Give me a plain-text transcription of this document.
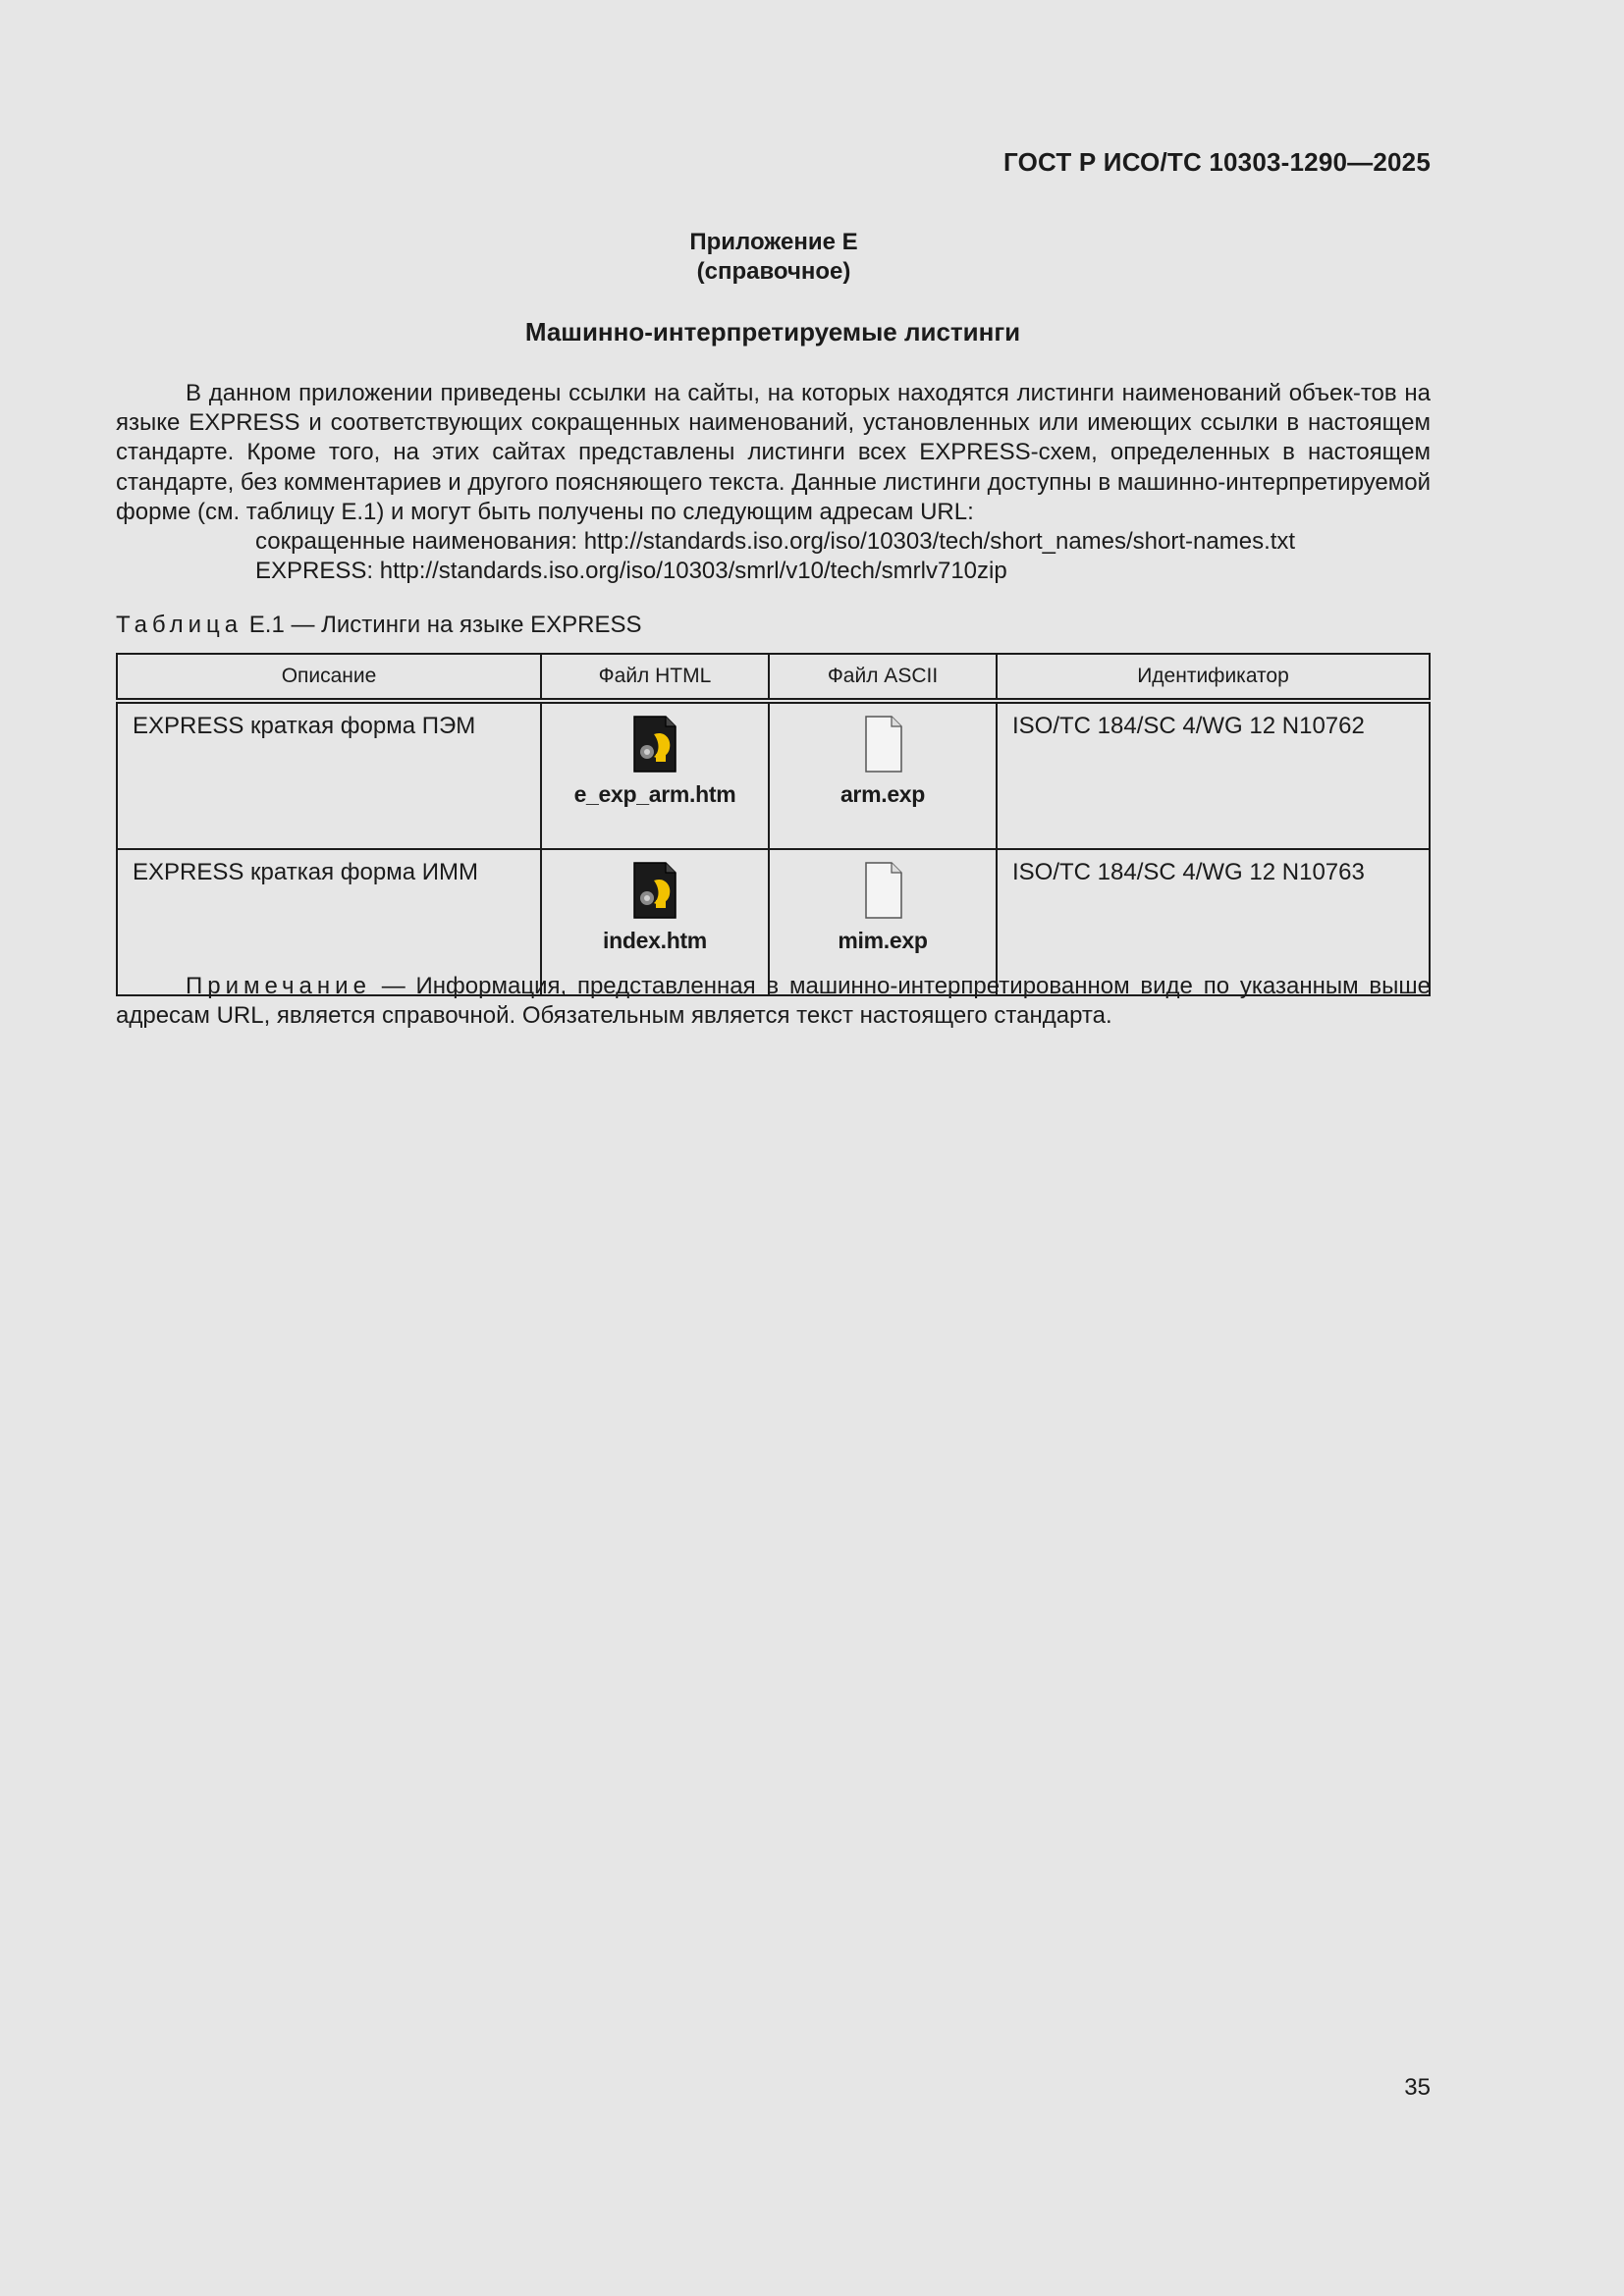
ГОСТ Р ИСО/ТС 10303-1290—2025
Приложение Е
(справочное)
Машинно-интерпретируемые листинги

В данном приложении приведены ссылки на сайты, на которых находятся листинги наименований объек-тов на языке EXPRESS и соответствующих сокращенных наименований, установленных или имеющих ссылки в настоящем стандарте. Кроме того, на этих сайтах представлены листинги всех EXPRESS-схем, определенных в настоящем стандарте, без комментариев и другого поясняющего текста. Данные листинги доступны в машинно-интерпретируемой форме (см. таблицу Е.1) и могут быть получены по следующим адресам URL:

сокращенные наименования: http://standards.iso.org/iso/10303/tech/short_names/short-names.txt

EXPRESS: http://standards.iso.org/iso/10303/smrl/v10/tech/smrlv710zip

Таблица Е.1 — Листинги на языке EXPRESS
Описание	Файл HTML	Файл ASCII	Идентификатор
EXPRESS краткая форма ПЭМ	e_exp_arm.htm	arm.exp	ISO/TC 184/SC 4/WG 12 N10762
EXPRESS краткая форма ИММ	index.htm	mim.exp	ISO/TC 184/SC 4/WG 12 N10763

Примечание — Информация, представленная в машинно-интерпретированном виде по указанным выше адресам URL, является справочной. Обязательным является текст настоящего стандарта.

35
